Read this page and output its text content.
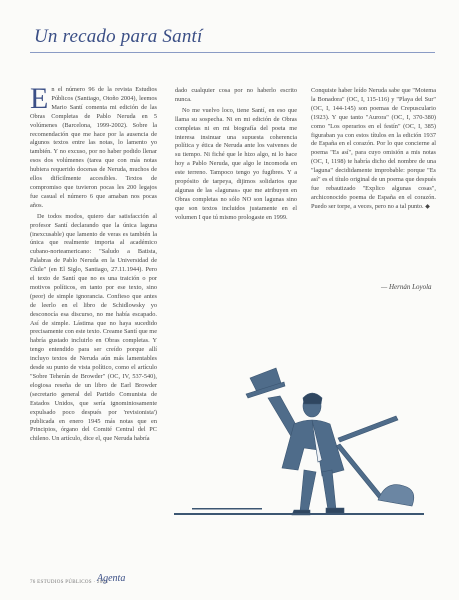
Un recado para Santí

En el número 96 de la revista Estudios Públicos (Santiago, Otoño 2004), leemos Mario Santí comenta mi edición de las Obras Completas de Pablo Neruda en 5 volúmenes (Barcelona, 1999-2002). Sobre la recomendación que me hace por la ausencia de algunos textos entre las notas, lo lamento yo también. Y no excuso, por no haber podido llenar esos dos volúmenes (tarea que con más notas hubiera requerido docenas de Neruda, muchos de ellos difícilmente accesibles. Textos de compromiso que tuvieron pocas les 200 legajos fue casual el número 6 que amaban nos pocas años.

De todos modos, quiero dar satisfacción al profesor Santí declarando que la única laguna (inexcusable) que lamento de veras es también la única que realmente importa al académico cubano-norteamericano: "Saludo a Batista, Palabras de Pablo Neruda en la Universidad de Chile" (en El Siglo, Santiago, 27.11.1944). Pero el texto de Santí que no es una traición o por motivos políticos, en tanto por ese texto, sino (peor) de simple ignorancia. Confieso que antes de leerlo en el libro de Schidlowsky yo desconocía esa discurso, no me había escapado. Así de simple. Lástima que no haya sucedido precisamente con este texto. Creame Santí que me habría gustado incluirlo en Obras completas. Y tengo entendido para ser creído porque allí incluyo textos de Neruda aún más lamentables desde su punto de vista político, como el artículo "Sobre Teherán de Browder" (OC, IV, 537-540), elogiosa reseña de un libro de Earl Browder (secretario general del Partido Comunista de Estados Unidos, que sería ignominiosamente expulsado poco después por 'revisionista') publicada en enero 1945 más notas que en Principios, órgano del Comité Central del PC chileno. Un artículo, dice el, que Neruda habría

dado cualquier cosa por no haberlo escrito nunca.

No me vuelvo loco, tiene Santí, en eso que llama su sospecha. Ni en mi edición de Obras completas ni en mi biografía del poeta me interesa insinuar una supuesta coherencia política y ética de Neruda ante los vaivenes de su tiempo. Ni fiché que le hizo algo, ni lo hace hoy a Pablo Neruda, que algo le incomoda en este terreno. Tampoco tengo yo fugibres. Y a propósito de tarpeya, dijimos solidarios que algunas de las «lagunas» que me atribuyen en Obras completas no sólo NO son lagunas sino que son textos incluidos justamente en el volumen I que tú mismo prologaste en 1999.

Conquiste haber leído Neruda sabe que "Motema la Bonadora" (OC, I, 115-116) y "Playa del Sur" (OC, I, 144-145) son poemas de Crepusculario (1923). Y que tanto "Aurora" (OC, I, 370-380) como "Los operarios en el festín" (OC, I, 385) figuraban ya con estos títulos en la edición 1937 de España en el corazón. Por lo que concierne al poema "Es así", para cuyo omisión a mis notas (OC, I, 1198) te habría dicho del nombre de una "laguna" decididamente improbable: porque "Es así" es el título original de un poema que después fue rebautizado "Explico algunas cosas", archiconocido poema de España en el corazón. Puedo ser torpe, a veces, pero no a tal punto. ◆

— Hernán Loyola
76 ESTUDIOS PÚBLICOS · 2004
Agenta
